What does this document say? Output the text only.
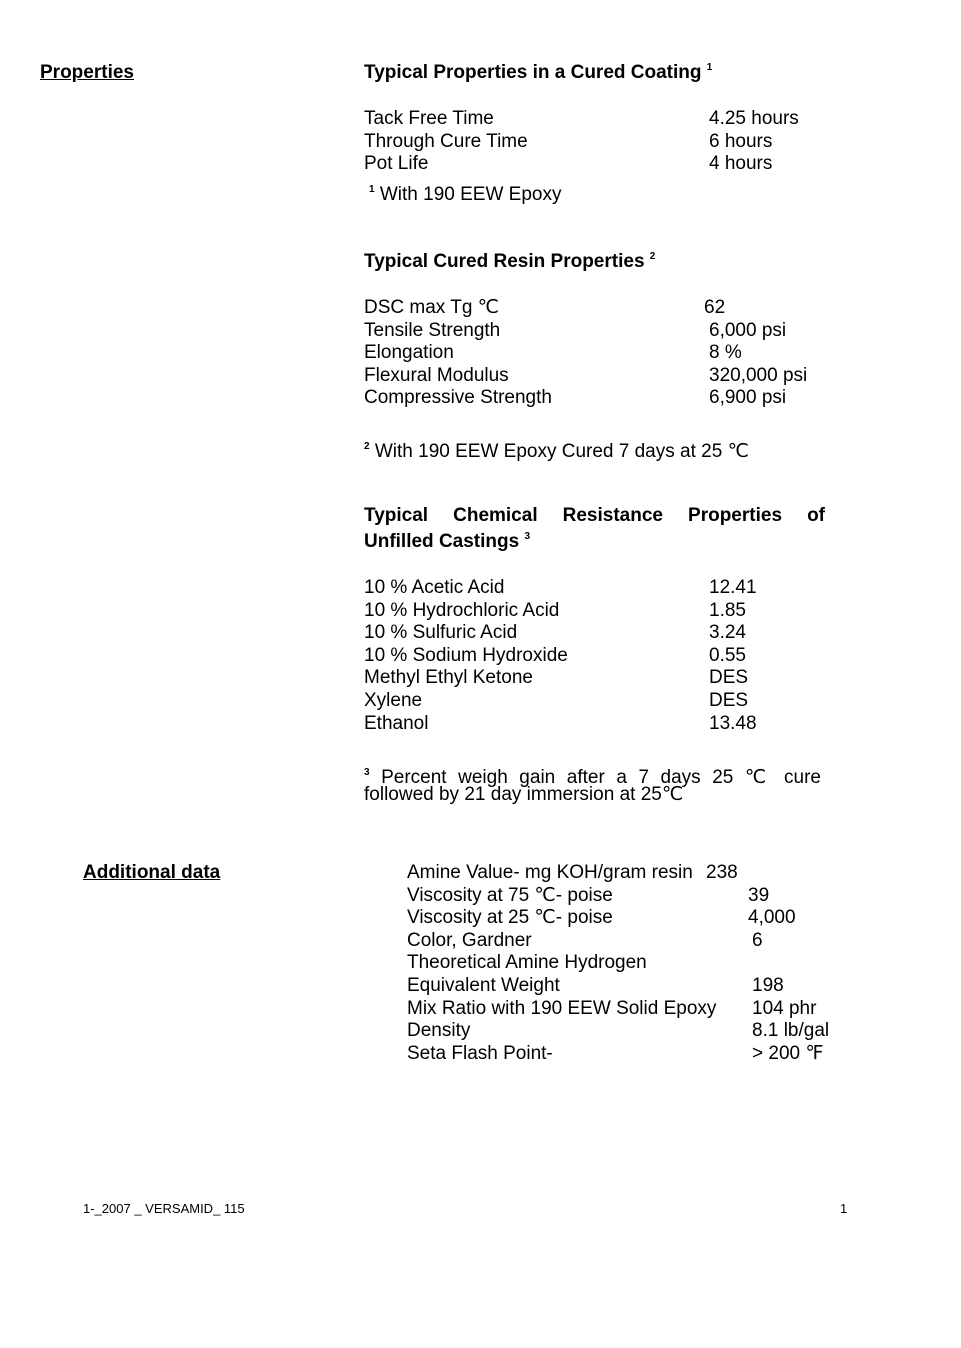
Properties
Additional data
Typical Properties in a Cured Coating $^1$
Tack Free Time	4.25 hours
Through Cure Time	6 hours
Pot Life	4 hours
$^1$ With 190 EEW Epoxy
Typical Cured Resin Properties $^2$
DSC max Tg ℃	62
Tensile Strength	6,000 psi
Elongation	8 %
Flexural Modulus	320,000 psi
Compressive Strength	6,900 psi
$^2$ With 190 EEW Epoxy Cured 7 days at 25 ℃
Typical Chemical Resistance Properties of
Unfilled Castings $^3$
10 % Acetic Acid	12.41
10 % Hydrochloric Acid	1.85
10 % Sulfuric Acid	3.24
10 % Sodium Hydroxide	0.55
Methyl Ethyl Ketone	DES
Xylene	DES
Ethanol	13.48
$^3$ Percent weigh gain after a 7 days 25 ℃ cure
followed by 21 day immersion at 25℃
Amine Value- mg KOH/gram resin 238
Viscosity at 75 ℃- poise	39
Viscosity at 25 ℃- poise	4,000
Color, Gardner	6
Theoretical Amine Hydrogen
Equivalent Weight	198
Mix Ratio with 190 EEW Solid Epoxy 104 phr
Density	8.1 lb/gal
Seta Flash Point-	> 200 ℉
1-_2007 _ VERSAMID_ 115	1
